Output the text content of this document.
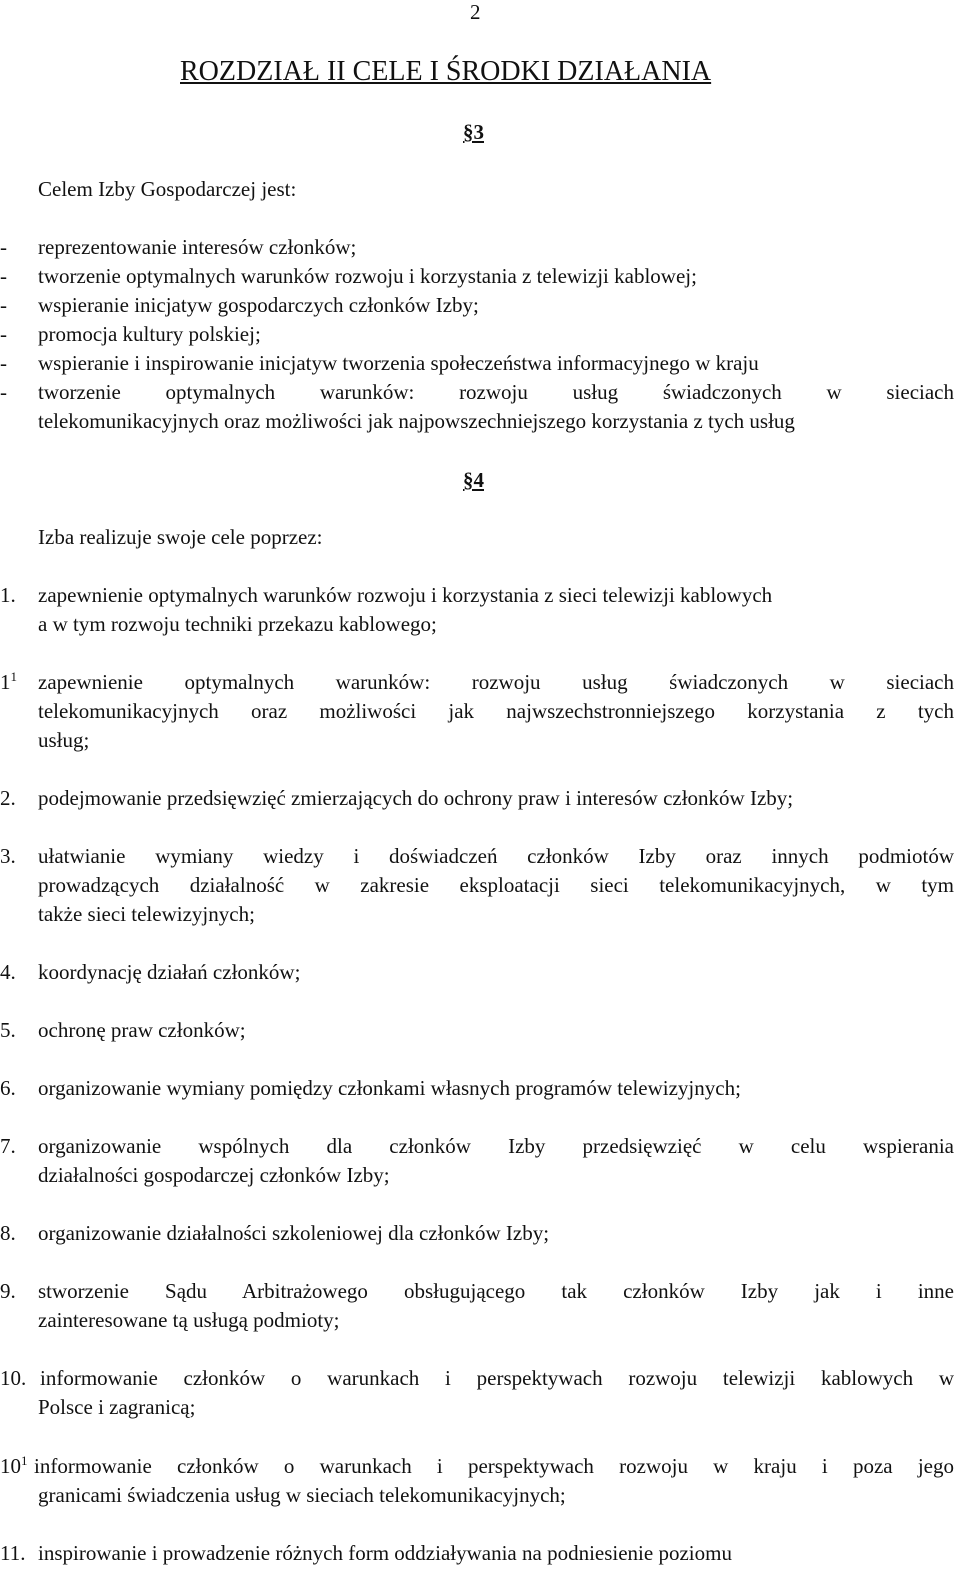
2
ROZDZIAŁ II CELE I ŚRODKI DZIAŁANIA
§3
Celem Izby Gospodarczej jest:
- reprezentowanie interesów członków;
- tworzenie optymalnych warunków rozwoju i korzystania z telewizji kablowej;
- wspieranie inicjatyw gospodarczych członków Izby;
- promocja kultury polskiej;
- wspieranie i inspirowanie inicjatyw tworzenia społeczeństwa informacyjnego w kraju
- tworzenie optymalnych warunków: rozwoju usług świadczonych w sieciach
telekomunikacyjnych oraz możliwości jak najpowszechniejszego korzystania z tych usług
§4
Izba realizuje swoje cele poprzez:
1. zapewnienie optymalnych warunków rozwoju i korzystania z sieci telewizji kablowych
a w tym rozwoju techniki przekazu kablowego;
$1^1$ zapewnienie optymalnych warunków: rozwoju usług świadczonych w sieciach
telekomunikacyjnych oraz możliwości jak najwszechstronniejszego korzystania z tych
usług;
2. podejmowanie przedsięwzięć zmierzających do ochrony praw i interesów członków Izby;
3. ułatwianie wymiany wiedzy i doświadczeń członków Izby oraz innych podmiotów
prowadzących działalność w zakresie eksploatacji sieci telekomunikacyjnych, w tym
także sieci telewizyjnych;
4. koordynację działań członków;
5. ochronę praw członków;
6. organizowanie wymiany pomiędzy członkami własnych programów telewizyjnych;
7. organizowanie wspólnych dla członków Izby przedsięwzięć w celu wspierania
działalności gospodarczej członków Izby;
8. organizowanie działalności szkoleniowej dla członków Izby;
9. stworzenie Sądu Arbitrażowego obsługującego tak członków Izby jak i inne
zainteresowane tą usługą podmioty;
10. informowanie członków o warunkach i perspektywach rozwoju telewizji kablowych w
Polsce i zagranicą;
$10^1$ informowanie członków o warunkach i perspektywach rozwoju w kraju i poza jego
granicami świadczenia usług w sieciach telekomunikacyjnych;
11. inspirowanie i prowadzenie różnych form oddziaływania na podniesienie poziomu
